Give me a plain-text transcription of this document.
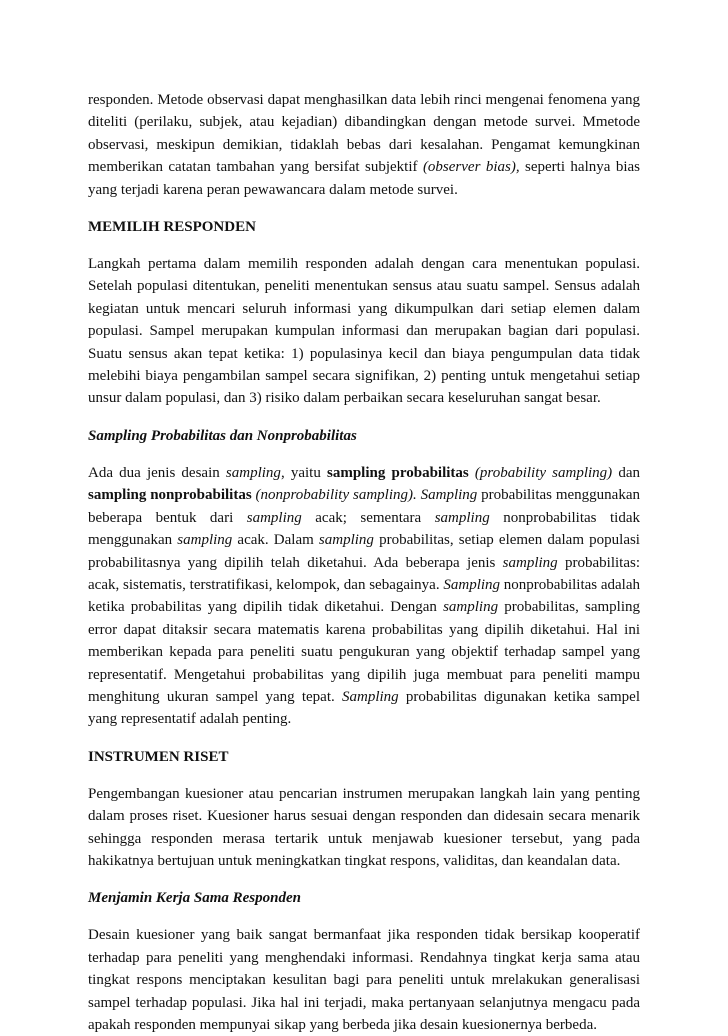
responden. Metode observasi dapat menghasilkan data lebih rinci mengenai fenomena yang diteliti (perilaku, subjek, atau kejadian) dibandingkan dengan metode survei. Mmetode observasi, meskipun demikian, tidaklah bebas dari kesalahan. Pengamat kemungkinan memberikan catatan tambahan yang bersifat subjektif (observer bias), seperti halnya bias yang terjadi karena peran pewawancara dalam metode survei.

MEMILIH RESPONDEN

Langkah pertama dalam memilih responden adalah dengan cara menentukan populasi. Setelah populasi ditentukan, peneliti menentukan sensus atau suatu sampel. Sensus adalah kegiatan untuk mencari seluruh informasi yang dikumpulkan dari setiap elemen dalam populasi. Sampel merupakan kumpulan informasi dan merupakan bagian dari populasi. Suatu sensus akan tepat ketika: 1) populasinya kecil dan biaya pengumpulan data tidak melebihi biaya pengambilan sampel secara signifikan, 2) penting untuk mengetahui setiap unsur dalam populasi, dan 3) risiko dalam perbaikan secara keseluruhan sangat besar.

Sampling Probabilitas dan Nonprobabilitas

Ada dua jenis desain sampling, yaitu sampling probabilitas (probability sampling) dan sampling nonprobabilitas (nonprobability sampling). Sampling probabilitas menggunakan beberapa bentuk dari sampling acak; sementara sampling nonprobabilitas tidak menggunakan sampling acak. Dalam sampling probabilitas, setiap elemen dalam populasi probabilitasnya yang dipilih telah diketahui. Ada beberapa jenis sampling probabilitas: acak, sistematis, terstratifikasi, kelompok, dan sebagainya. Sampling nonprobabilitas adalah ketika probabilitas yang dipilih tidak diketahui. Dengan sampling probabilitas, sampling error dapat ditaksir secara matematis karena probabilitas yang dipilih diketahui. Hal ini memberikan kepada para peneliti suatu pengukuran yang objektif terhadap sampel yang representatif. Mengetahui probabilitas yang dipilih juga membuat para peneliti mampu menghitung ukuran sampel yang tepat. Sampling probabilitas digunakan ketika sampel yang representatif adalah penting.

INSTRUMEN RISET

Pengembangan kuesioner atau pencarian instrumen merupakan langkah lain yang penting dalam proses riset. Kuesioner harus sesuai dengan responden dan didesain secara menarik sehingga responden merasa tertarik untuk menjawab kuesioner tersebut, yang pada hakikatnya bertujuan untuk meningkatkan tingkat respons, validitas, dan keandalan data.

Menjamin Kerja Sama Responden

Desain kuesioner yang baik sangat bermanfaat jika responden tidak bersikap kooperatif terhadap para peneliti yang menghendaki informasi. Rendahnya tingkat kerja sama atau tingkat respons menciptakan kesulitan bagi para peneliti untuk mrelakukan generalisasi sampel terhadap populasi. Jika hal ini terjadi, maka pertanyaan selanjutnya mengacu pada apakah responden mempunyai sikap yang berbeda jika desain kuesionernya berbeda.
